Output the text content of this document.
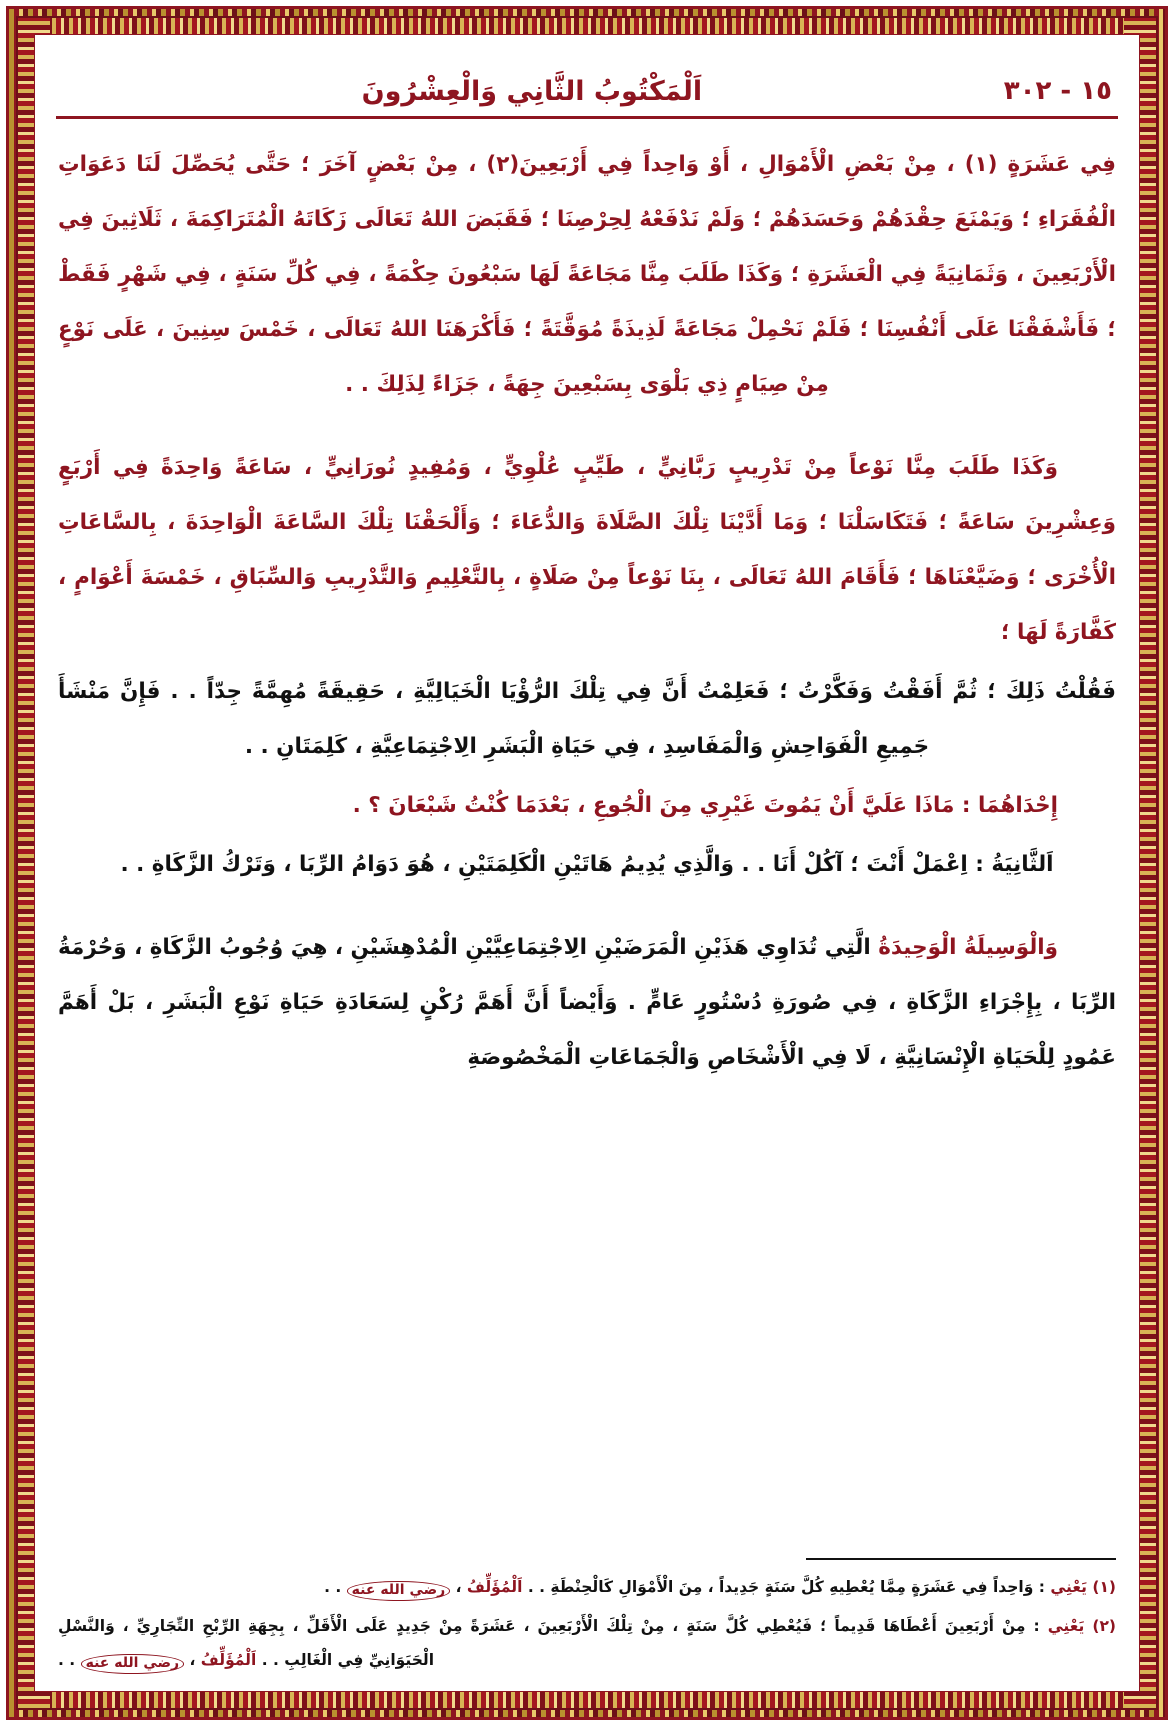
اَلْمَكْتُوبُ الثَّانِي وَالْعِشْرُونَ	٣٠٢ - ١٥

فِي عَشَرَةٍ (١) ، مِنْ بَعْضِ الْأَمْوَالِ ، أَوْ وَاحِداً فِي أَرْبَعِينَ(٢) ، مِنْ بَعْضٍ آخَرَ ؛ حَتَّى يُحَصِّلَ لَنَا دَعَوَاتِ الْفُقَرَاءِ ؛ وَيَمْنَعَ حِقْدَهُمْ وَحَسَدَهُمْ ؛ وَلَمْ نَدْفَعْهُ لِحِرْصِنَا ؛ فَقَبَضَ اللهُ تَعَالَى زَكَاتَهُ الْمُتَرَاكِمَةَ ، ثَلَاثِينَ فِي الْأَرْبَعِينَ ، وَثَمَانِيَةً فِي الْعَشَرَةِ ؛ وَكَذَا طَلَبَ مِنَّا مَجَاعَةً لَهَا سَبْعُونَ حِكْمَةً ، فِي كُلِّ سَنَةٍ ، فِي شَهْرٍ فَقَطْ ؛ فَأَشْفَقْنَا عَلَى أَنْفُسِنَا ؛ فَلَمْ نَحْمِلْ مَجَاعَةً لَذِيذَةً مُوَقَّتَةً ؛ فَأَكْرَهَنَا اللهُ تَعَالَى ، خَمْسَ سِنِينَ ، عَلَى نَوْعٍ مِنْ صِيَامٍ ذِي بَلْوَى بِسَبْعِينَ جِهَةً ، جَزَاءً لِذَلِكَ . .

وَكَذَا طَلَبَ مِنَّا نَوْعاً مِنْ تَدْرِيبٍ رَبَّانِيٍّ ، طَيِّبٍ عُلْوِيٍّ ، وَمُفِيدٍ نُورَانِيٍّ ، سَاعَةً وَاحِدَةً فِي أَرْبَعٍ وَعِشْرِينَ سَاعَةً ؛ فَتَكَاسَلْنَا ؛ وَمَا أَدَّيْنَا تِلْكَ الصَّلَاةَ وَالدُّعَاءَ ؛ وَأَلْحَقْنَا تِلْكَ السَّاعَةَ الْوَاحِدَةَ ، بِالسَّاعَاتِ الْأُخْرَى ؛ وَضَيَّعْنَاهَا ؛ فَأَقَامَ اللهُ تَعَالَى ، بِنَا نَوْعاً مِنْ صَلَاةٍ ، بِالتَّعْلِيمِ وَالتَّدْرِيبِ وَالسِّبَاقِ ، خَمْسَةَ أَعْوَامٍ ، كَفَّارَةً لَهَا ؛

فَقُلْتُ ذَلِكَ ؛ ثُمَّ أَفَقْتُ وَفَكَّرْتُ ؛ فَعَلِمْتُ أَنَّ فِي تِلْكَ الرُّؤْيَا الْخَيَالِيَّةِ ، حَقِيقَةً مُهِمَّةً جِدّاً . . فَإِنَّ مَنْشَأَ جَمِيعِ الْفَوَاحِشِ وَالْمَفَاسِدِ ، فِي حَيَاةِ الْبَشَرِ الِاجْتِمَاعِيَّةِ ، كَلِمَتَانِ . .

إِحْدَاهُمَا : مَاذَا عَلَيَّ أَنْ يَمُوتَ غَيْرِي مِنَ الْجُوعِ ، بَعْدَمَا كُنْتُ شَبْعَانَ ؟ .

اَلثَّانِيَةُ : اِعْمَلْ أَنْتَ ؛ آكُلْ أَنَا . . وَالَّذِي يُدِيمُ هَاتَيْنِ الْكَلِمَتَيْنِ ، هُوَ دَوَامُ الرِّبَا ، وَتَرْكُ الزَّكَاةِ . .

وَالْوَسِيلَةُ الْوَحِيدَةُ الَّتِي تُدَاوِي هَذَيْنِ الْمَرَضَيْنِ الِاجْتِمَاعِيَّيْنِ الْمُدْهِشَيْنِ ، هِيَ وُجُوبُ الزَّكَاةِ ، وَحُرْمَةُ الرِّبَا ، بِإِجْرَاءِ الزَّكَاةِ ، فِي صُورَةِ دُسْتُورٍ عَامٍّ . وَأَيْضاً أَنَّ أَهَمَّ رُكْنٍ لِسَعَادَةِ حَيَاةِ نَوْعِ الْبَشَرِ ، بَلْ أَهَمَّ عَمُودٍ لِلْحَيَاةِ الْإِنْسَانِيَّةِ ، لَا فِي الْأَشْخَاصِ وَالْجَمَاعَاتِ الْمَخْصُوصَةِ

(١) يَعْنِي : وَاحِداً فِي عَشَرَةٍ مِمَّا يُعْطِيهِ كُلَّ سَنَةٍ جَدِيداً ، مِنَ الْأَمْوَالِ كَالْحِنْطَةِ . . اَلْمُؤَلِّفُ ، رضي الله عنه . .

(٢) يَعْنِي : مِنْ أَرْبَعِينَ أَعْطَاهَا قَدِيماً ؛ فَيُعْطِي كُلَّ سَنَةٍ ، مِنْ تِلْكَ الْأَرْبَعِينَ ، عَشَرَةً مِنْ جَدِيدٍ عَلَى الْأَقَلِّ ، بِجِهَةِ الرِّبْحِ التِّجَارِيِّ ، وَالنَّسْلِ الْحَيَوَانِيِّ فِي الْغَالِبِ . . اَلْمُؤَلِّفُ ، رضي الله عنه . .
